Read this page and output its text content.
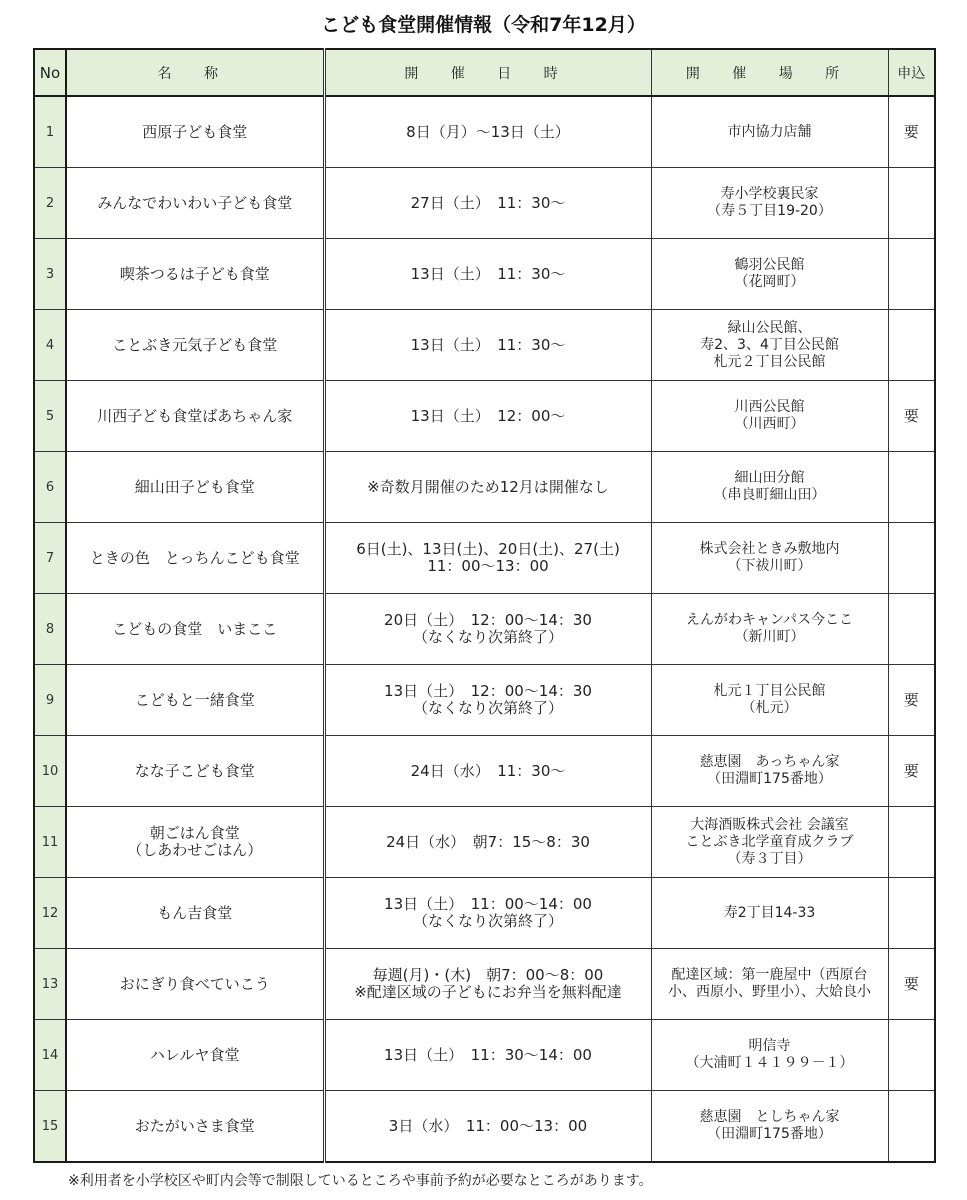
こども食堂開催情報（令和7年12月）
No	名 称	開 催 日 時	開 催 場 所	申込
1	西原子ども食堂	8日（月）～13日（土）	市内協力店舗	要
2	みんなでわいわい子ども食堂	27日（土）　11：30～	寿小学校裏民家
（寿５丁目19-20）	

3	喫茶つるは子ども食堂	13日（土）　11：30～	鶴羽公民館
（花岡町）	

4	ことぶき元気子ども食堂	13日（土）　11：30～	緑山公民館、
寿2、3、4丁目公民館
札元２丁目公民館	

5	川西子ども食堂ばあちゃん家	13日（土）　12：00～	川西公民館
（川西町）	要
6	細山田子ども食堂	※奇数月開催のため12月は開催なし	細山田分館
（串良町細山田）	

7	ときの色　とっちんこども食堂	6日(土)、13日(土)、20日(土)、27(土)
11：00～13：00	株式会社ときみ敷地内
（下祓川町）	

8	こどもの食堂　いまここ	20日（土）　12：00～14：30
（なくなり次第終了）	えんがわキャンパス今ここ
（新川町）	

9	こどもと一緒食堂	13日（土）　12：00～14：30
（なくなり次第終了）	札元１丁目公民館
（札元）	要
10	なな子こども食堂	24日（水）　11：30～	慈恵園　あっちゃん家
（田淵町175番地）	要
11	朝ごはん食堂
（しあわせごはん）	24日（水）　朝7：15～8：30	大海酒販株式会社 会議室
ことぶき北学童育成クラブ
（寿３丁目）	

12	もん吉食堂	13日（土）　11：00～14：00
（なくなり次第終了）	寿2丁目14-33	

13	おにぎり食べていこう	毎週(月)・(木)　朝7：00～8：00
※配達区域の子どもにお弁当を無料配達	配達区域：第一鹿屋中（西原台
小、西原小、野里小）、大姶良小	要
14	ハレルヤ食堂	13日（土）　11：30～14：00	明信寺
（大浦町１４１９９－１）	

15	おたがいさま食堂	3日（水）　11：00～13：00	慈恵園　としちゃん家
（田淵町175番地）	

※利用者を小学校区や町内会等で制限しているところや事前予約が必要なところがあります。
